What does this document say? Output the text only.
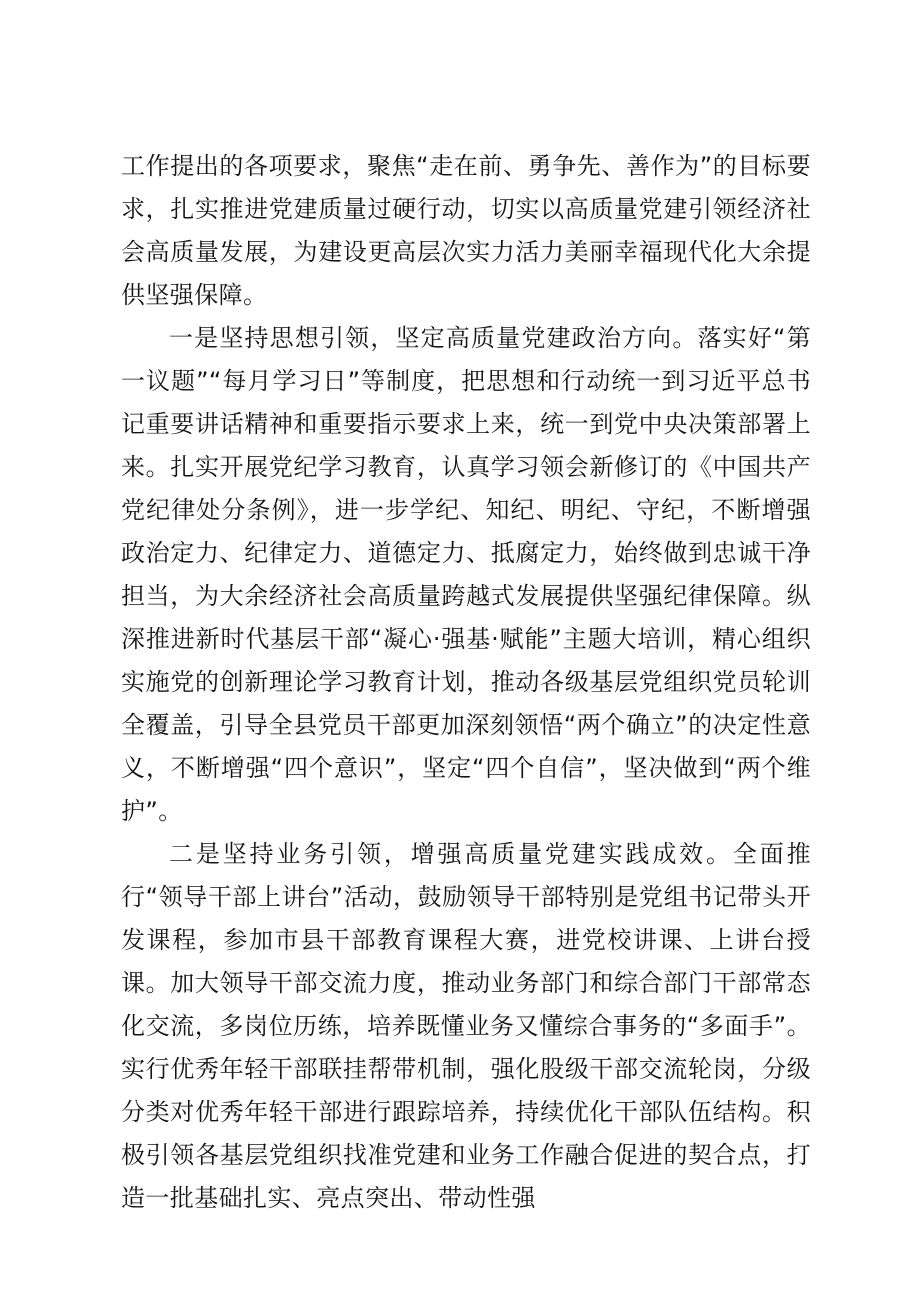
工作提出的各项要求，聚焦“走在前、勇争先、善作为”的目标要求，扎实推进党建质量过硬行动，切实以高质量党建引领经济社会高质量发展，为建设更高层次实力活力美丽幸福现代化大余提供坚强保障。

一是坚持思想引领，坚定高质量党建政治方向。落实好“第一议题”“每月学习日”等制度，把思想和行动统一到习近平总书记重要讲话精神和重要指示要求上来，统一到党中央决策部署上来。扎实开展党纪学习教育，认真学习领会新修订的《中国共产党纪律处分条例》，进一步学纪、知纪、明纪、守纪，不断增强政治定力、纪律定力、道德定力、抵腐定力，始终做到忠诚干净担当，为大余经济社会高质量跨越式发展提供坚强纪律保障。纵深推进新时代基层干部“凝心·强基·赋能”主题大培训，精心组织实施党的创新理论学习教育计划，推动各级基层党组织党员轮训全覆盖，引导全县党员干部更加深刻领悟“两个确立”的决定性意义，不断增强“四个意识”，坚定“四个自信”，坚决做到“两个维护”。

二是坚持业务引领，增强高质量党建实践成效。全面推行“领导干部上讲台”活动，鼓励领导干部特别是党组书记带头开发课程，参加市县干部教育课程大赛，进党校讲课、上讲台授课。加大领导干部交流力度，推动业务部门和综合部门干部常态化交流，多岗位历练，培养既懂业务又懂综合事务的“多面手”。实行优秀年轻干部联挂帮带机制，强化股级干部交流轮岗，分级分类对优秀年轻干部进行跟踪培养，持续优化干部队伍结构。积极引领各基层党组织找准党建和业务工作融合促进的契合点，打造一批基础扎实、亮点突出、带动性强
